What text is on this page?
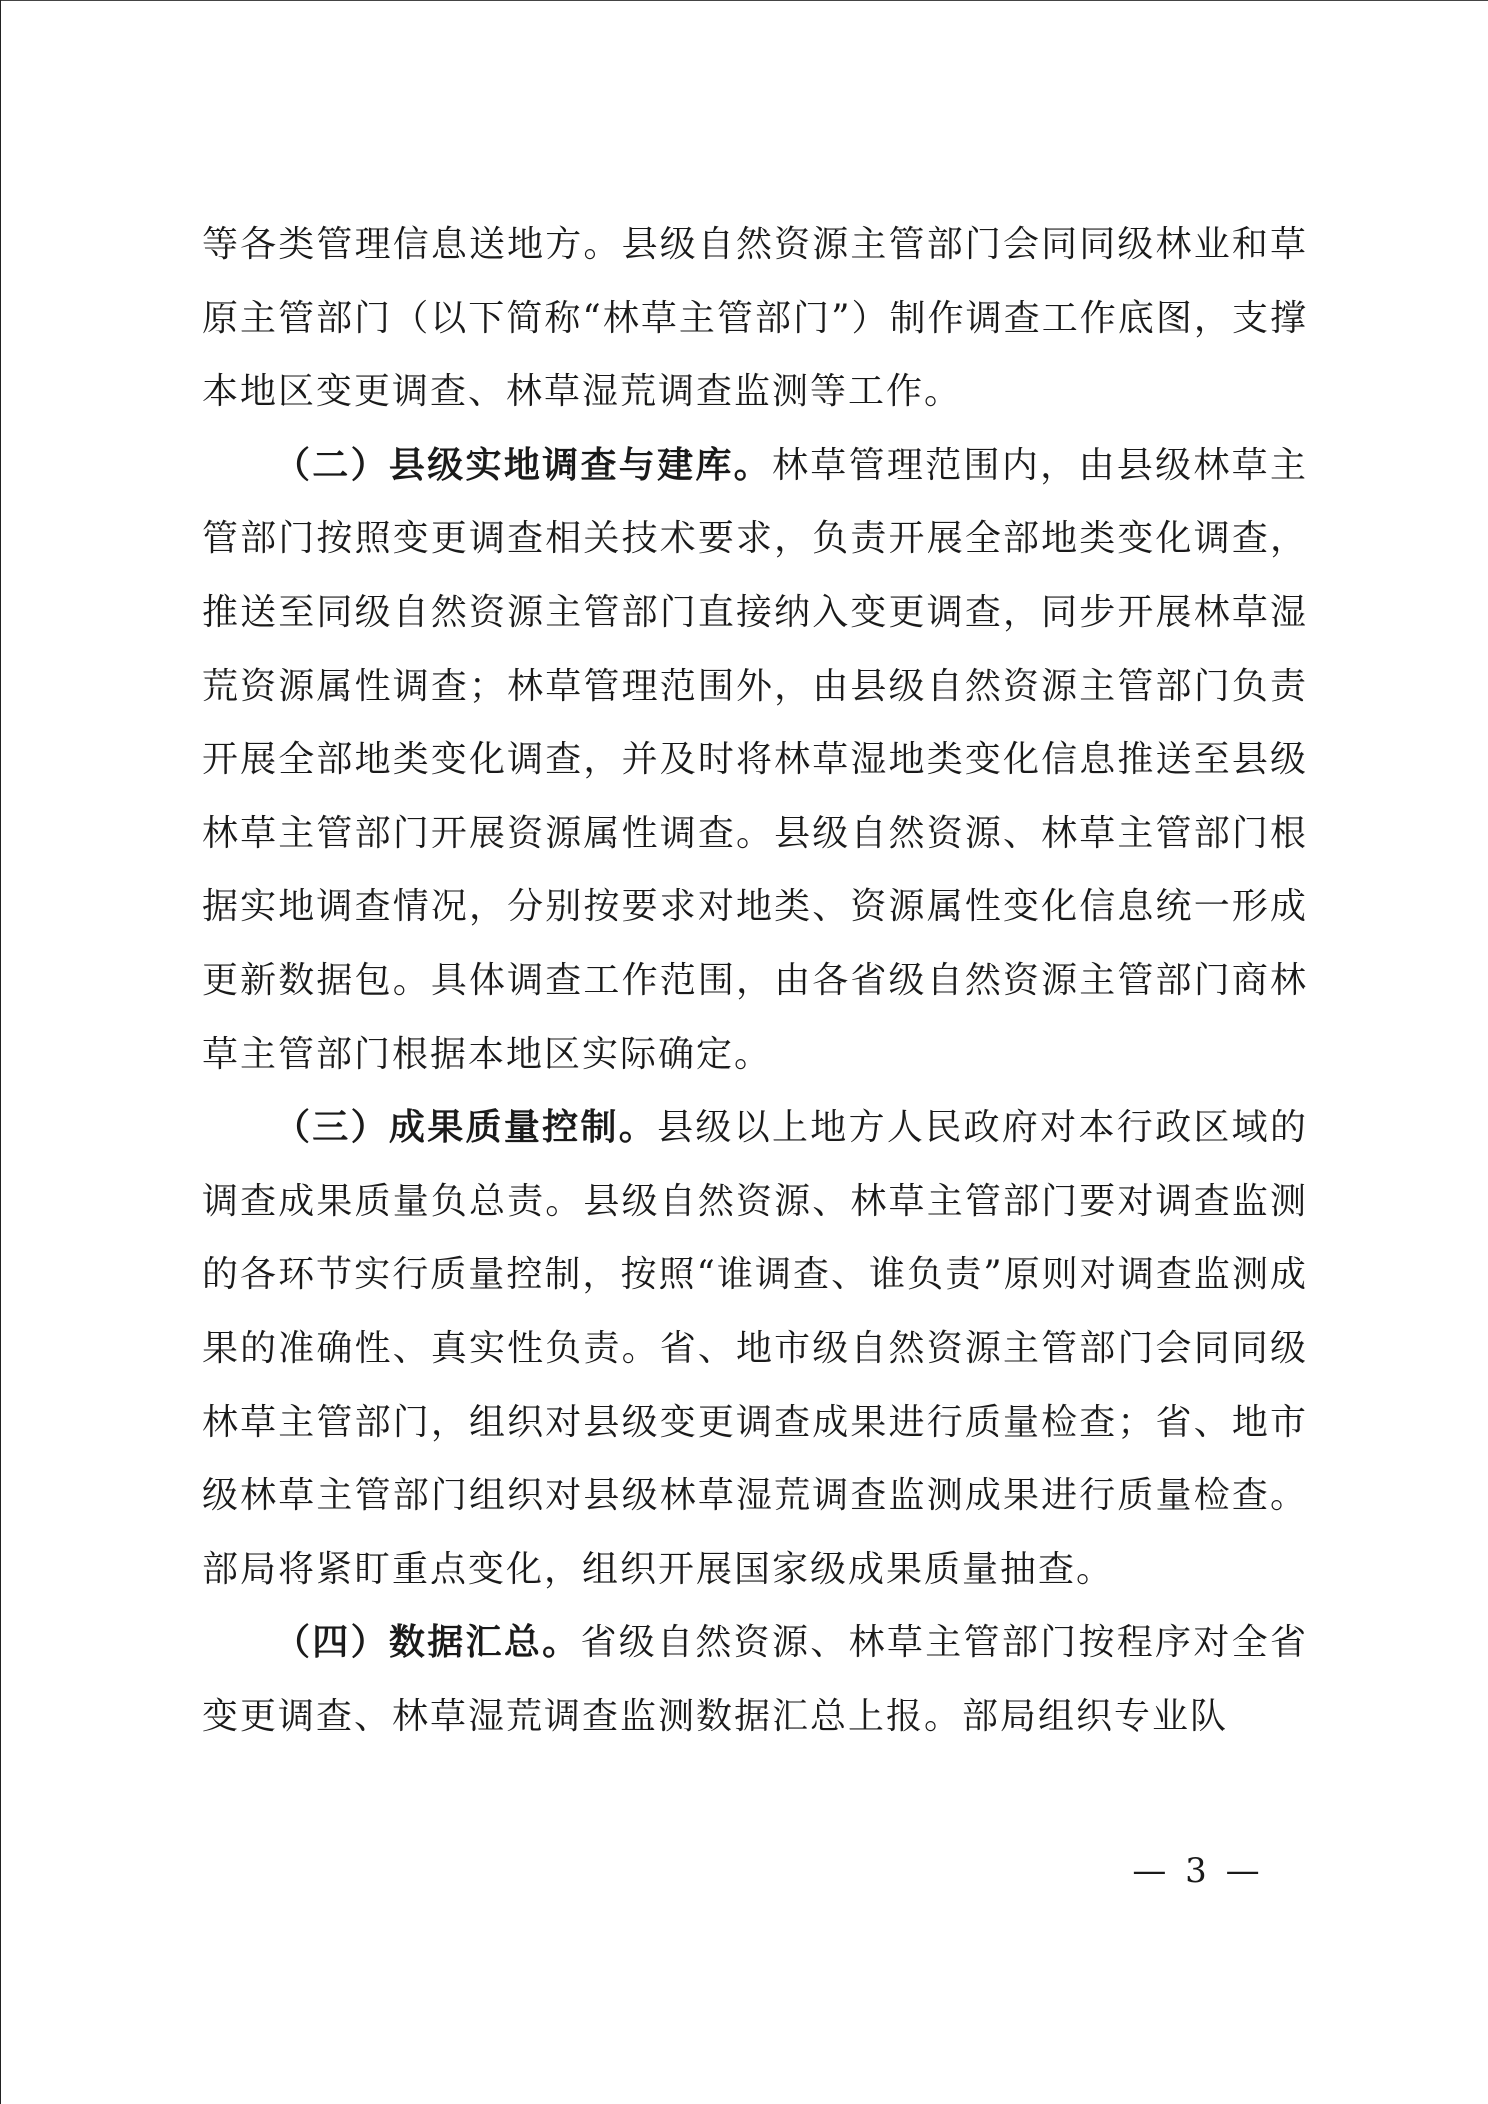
等各类管理信息送地方。县级自然资源主管部门会同同级林业和草原主管部门（以下简称“林草主管部门”）制作调查工作底图，支撑本地区变更调查、林草湿荒调查监测等工作。

（二）县级实地调查与建库。林草管理范围内，由县级林草主管部门按照变更调查相关技术要求，负责开展全部地类变化调查，推送至同级自然资源主管部门直接纳入变更调查，同步开展林草湿荒资源属性调查；林草管理范围外，由县级自然资源主管部门负责开展全部地类变化调查，并及时将林草湿地类变化信息推送至县级林草主管部门开展资源属性调查。县级自然资源、林草主管部门根据实地调查情况，分别按要求对地类、资源属性变化信息统一形成更新数据包。具体调查工作范围，由各省级自然资源主管部门商林草主管部门根据本地区实际确定。

（三）成果质量控制。县级以上地方人民政府对本行政区域的调查成果质量负总责。县级自然资源、林草主管部门要对调查监测的各环节实行质量控制，按照“谁调查、谁负责”原则对调查监测成果的准确性、真实性负责。省、地市级自然资源主管部门会同同级林草主管部门，组织对县级变更调查成果进行质量检查；省、地市级林草主管部门组织对县级林草湿荒调查监测成果进行质量检查。部局将紧盯重点变化，组织开展国家级成果质量抽查。

（四）数据汇总。省级自然资源、林草主管部门按程序对全省变更调查、林草湿荒调查监测数据汇总上报。部局组织专业队

— 3 —
